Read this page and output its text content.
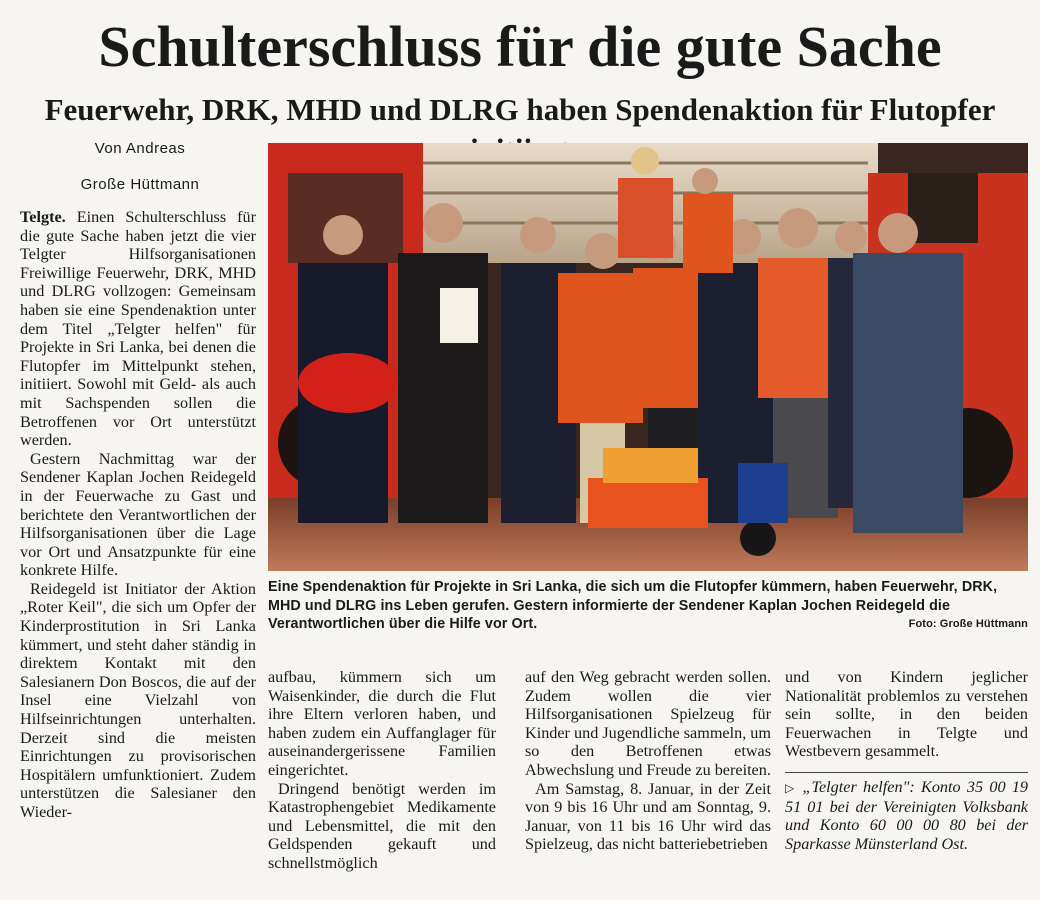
Schulterschluss für die gute Sache
Feuerwehr, DRK, MHD und DLRG haben Spendenaktion für Flutopfer
Von Andreas
Große Hüttmann

Telgte. Einen Schulterschluss für die gute Sache haben jetzt die vier Telgter Hilfsorganisationen Freiwillige Feuerwehr, DRK, MHD und DLRG vollzogen: Gemeinsam haben sie eine Spendenaktion unter dem Titel „Telgter helfen" für Projekte in Sri Lanka, bei denen die Flutopfer im Mittelpunkt stehen, initiiert. Sowohl mit Geld- als auch mit Sachspenden sollen die Betroffenen vor Ort unterstützt werden.

Gestern Nachmittag war der Sendener Kaplan Jochen Reidegeld in der Feuerwache zu Gast und berichtete den Verantwortlichen der Hilfsorganisationen über die Lage vor Ort und Ansatzpunkte für eine konkrete Hilfe.

Reidegeld ist Initiator der Aktion „Roter Keil", die sich um Opfer der Kinderprostitution in Sri Lanka kümmert, und steht daher ständig in direktem Kontakt mit den Salesianern Don Boscos, die auf der Insel eine Vielzahl von Hilfseinrichtungen unterhalten. Derzeit sind die meisten Einrichtungen zu provisorischen Hospitälern umfunktioniert. Zudem unterstützen die Salesianer den Wieder-

Eine Spendenaktion für Projekte in Sri Lanka, die sich um die Flutopfer kümmern, haben Feuerwehr, DRK, MHD und DLRG ins Leben gerufen. Gestern informierte der Sendener Kaplan Jochen Reidegeld die Verantwortlichen über die Hilfe vor Ort.	Foto: Große Hüttmann

aufbau, kümmern sich um Waisenkinder, die durch die Flut ihre Eltern verloren haben, und haben zudem ein Auffanglager für auseinandergerissene Familien eingerichtet.

Dringend benötigt werden im Katastrophengebiet Medikamente und Lebensmittel, die mit den Geldspenden gekauft und schnellstmöglich

auf den Weg gebracht werden sollen. Zudem wollen die vier Hilfsorganisationen Spielzeug für Kinder und Jugendliche sammeln, um so den Betroffenen etwas Abwechslung und Freude zu bereiten.

Am Samstag, 8. Januar, in der Zeit von 9 bis 16 Uhr und am Sonntag, 9. Januar, von 11 bis 16 Uhr wird das Spielzeug, das nicht batteriebetrieben

und von Kindern jeglicher Nationalität problemlos zu verstehen sein sollte, in den beiden Feuerwachen in Telgte und Westbevern gesammelt.

▷ „Telgter helfen": Konto 35 00 19 51 01 bei der Vereinigten Volksbank und Konto 60 00 00 80 bei der Sparkasse Münsterland Ost.
